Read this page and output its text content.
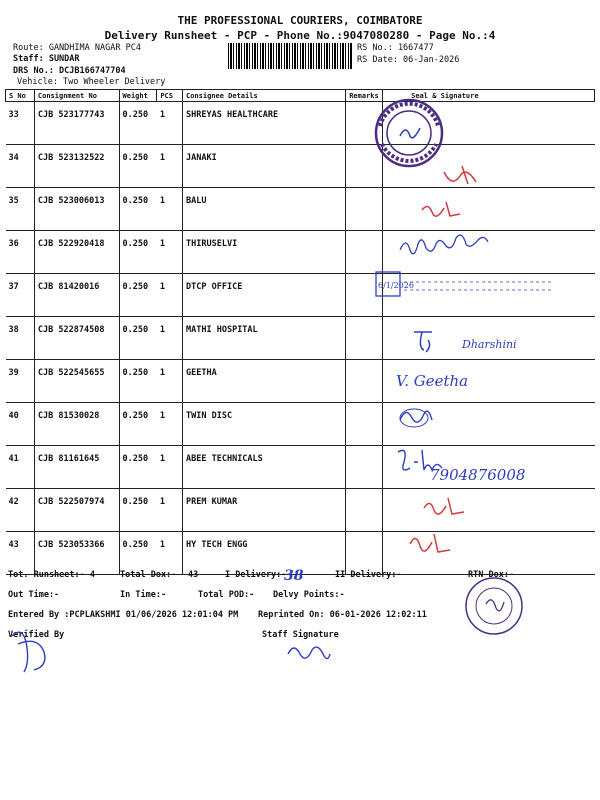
THE PROFESSIONAL COURIERS, COIMBATORE
Delivery Runsheet - PCP - Phone No.:9047080280 - Page No.:4
Route: GANDHIMA NAGAR PC4
Staff: SUNDAR
DRS No.: DCJB166747704
Vehicle: Two Wheeler Delivery
RS No.: 1667477
RS Date: 06-Jan-2026
S No	Consignment No	Weight	PCS	Consignee Details	Remarks	Seal & Signature
33	CJB 523177743	0.250	1	SHREYAS HEALTHCARE		
34	CJB 523132522	0.250	1	JANAKI		
35	CJB 523006013	0.250	1	BALU		
36	CJB 522920418	0.250	1	THIRUSELVI		
37	CJB 81420016	0.250	1	DTCP OFFICE		
38	CJB 522874508	0.250	1	MATHI HOSPITAL		
39	CJB 522545655	0.250	1	GEETHA		
40	CJB 81530028	0.250	1	TWIN DISC		
41	CJB 81161645	0.250	1	ABEE TECHNICALS		
42	CJB 522507974	0.250	1	PREM KUMAR		
43	CJB 523053366	0.250	1	HY TECH ENGG		
6/1/2026
Dharshini
V. Geetha
7904876008
Tot. Runsheet:- 4	Total Dox:- 43	I Delivery:-
38	II Delivery:-	RTN Dox:-
Out Time:-	In Time:-	Total POD:- Delvy Points:-
Entered By :PCPLAKSHMI 01/06/2026 12:01:04 PM Reprinted On: 06-01-2026 12:02:11
Verified By	Staff Signature
